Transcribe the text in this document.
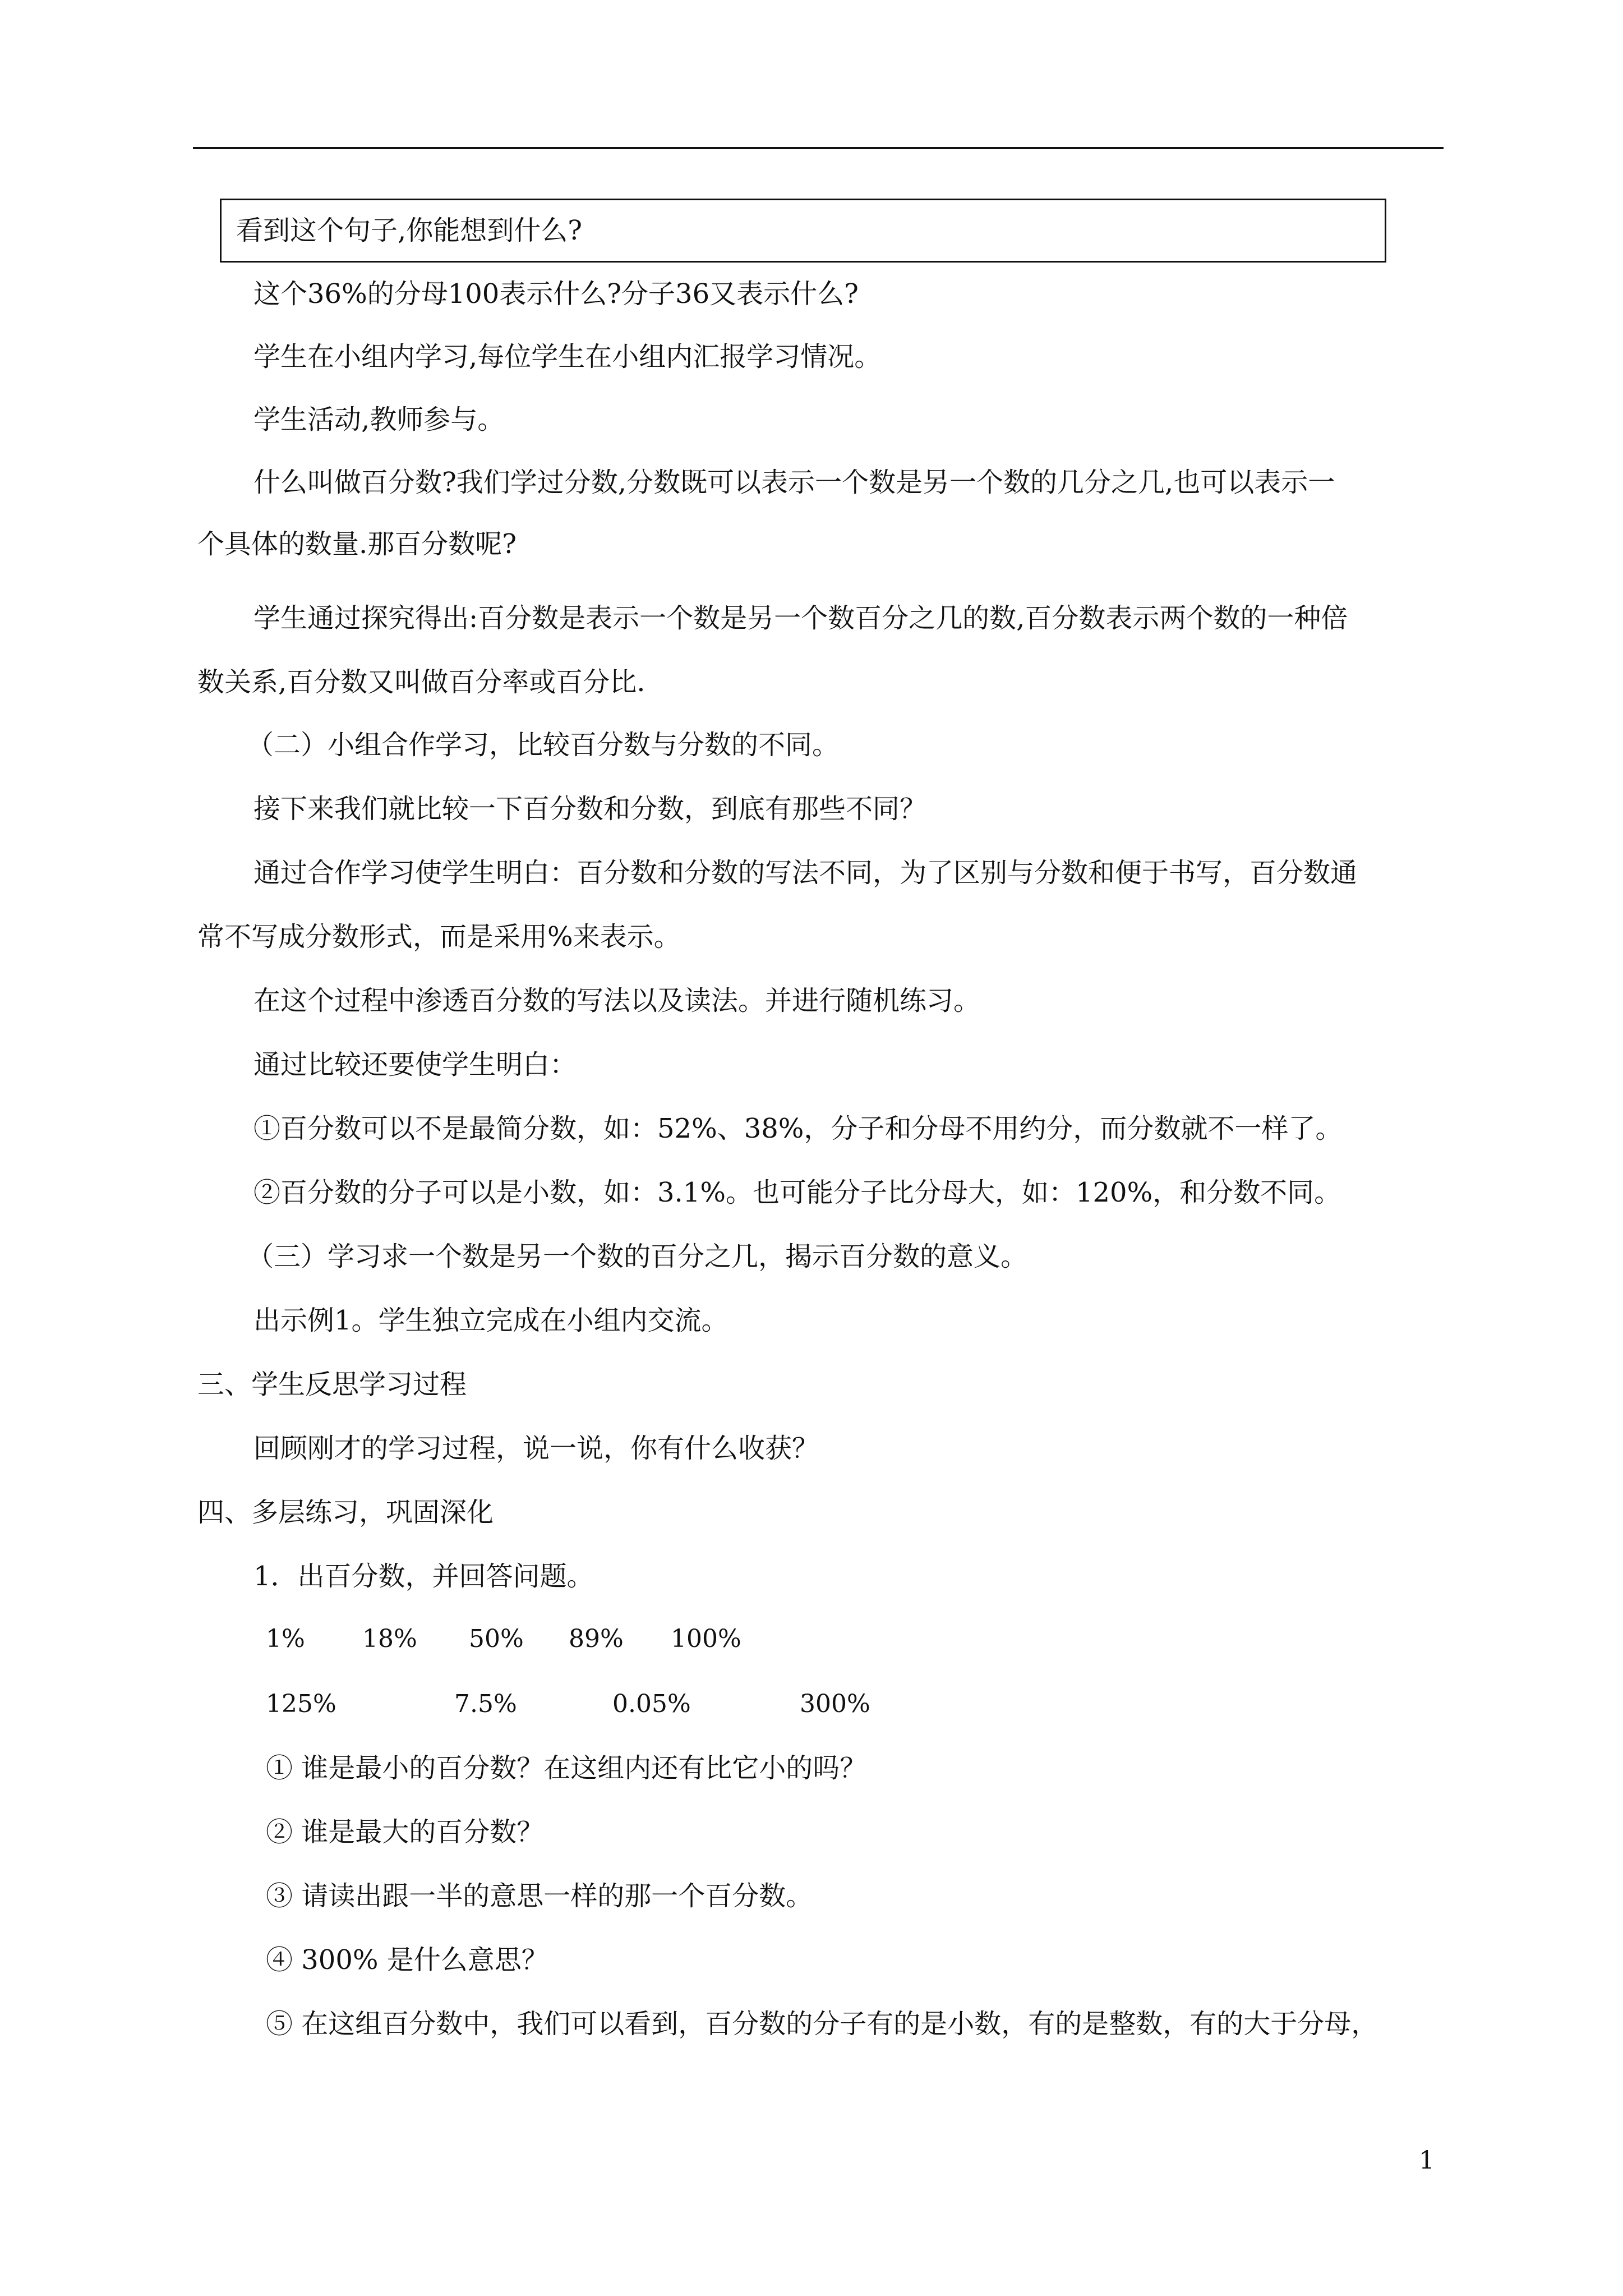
看到这个句子,你能想到什么?
这个36%的分母100表示什么?分子36又表示什么?
学生在小组内学习,每位学生在小组内汇报学习情况。
学生活动,教师参与。
什么叫做百分数?我们学过分数,分数既可以表示一个数是另一个数的几分之几,也可以表示一
个具体的数量.那百分数呢?
学生通过探究得出:百分数是表示一个数是另一个数百分之几的数,百分数表示两个数的一种倍
数关系,百分数又叫做百分率或百分比.
（二）小组合作学习，比较百分数与分数的不同。
接下来我们就比较一下百分数和分数，到底有那些不同？
通过合作学习使学生明白：百分数和分数的写法不同，为了区别与分数和便于书写，百分数通
常不写成分数形式，而是采用%来表示。
在这个过程中渗透百分数的写法以及读法。并进行随机练习。
通过比较还要使学生明白：
①百分数可以不是最简分数，如：52%、38%，分子和分母不用约分，而分数就不一样了。
②百分数的分子可以是小数，如：3.1%。也可能分子比分母大，如：120%，和分数不同。
（三）学习求一个数是另一个数的百分之几，揭示百分数的意义。
出示例1。学生独立完成在小组内交流。
三、学生反思学习过程
回顾刚才的学习过程，说一说，你有什么收获？
四、多层练习，巩固深化
1．出百分数，并回答问题。
1% 18% 50% 89% 100%
125%	7.5%	0.05%	300%
① 谁是最小的百分数？在这组内还有比它小的吗？
② 谁是最大的百分数？
③ 请读出跟一半的意思一样的那一个百分数。
④ 300% 是什么意思？
⑤ 在这组百分数中，我们可以看到，百分数的分子有的是小数，有的是整数，有的大于分母，
1
